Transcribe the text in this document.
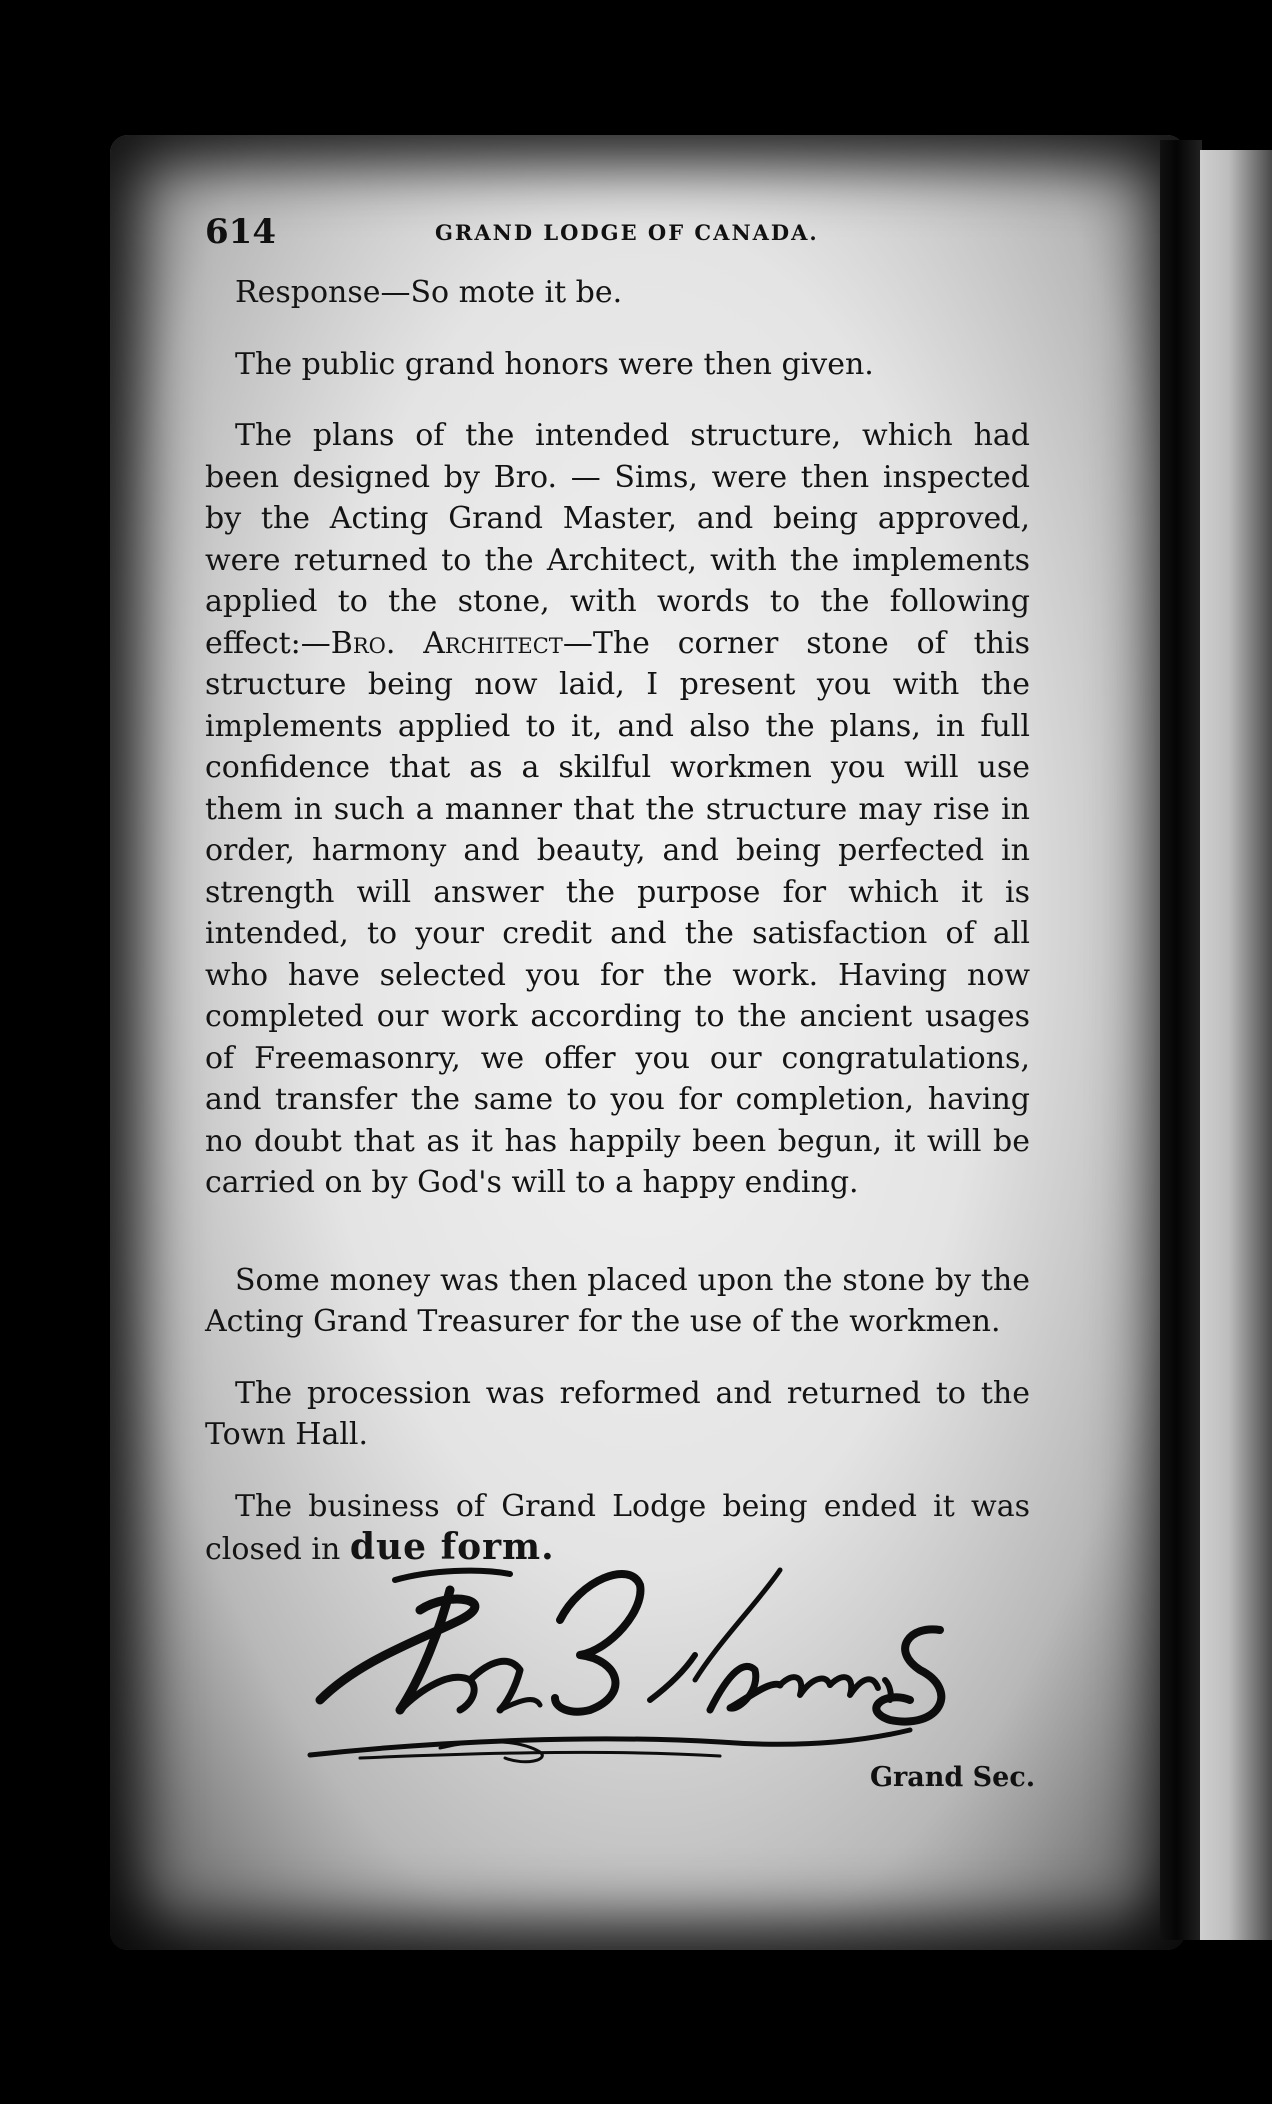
614	GRAND LODGE OF CANADA.

Response—So mote it be.

The public grand honors were then given.

The plans of the intended structure, which had been designed by Bro. — Sims, were then inspected by the Acting Grand Master, and being approved, were returned to the Architect, with the implements applied to the stone, with words to the following effect:—Bro. Architect—The corner stone of this structure being now laid, I present you with the implements applied to it, and also the plans, in full confidence that as a skilful workmen you will use them in such a manner that the structure may rise in order, harmony and beauty, and being perfected in strength will answer the purpose for which it is intended, to your credit and the satisfaction of all who have selected you for the work. Having now completed our work according to the ancient usages of Freemasonry, we offer you our congratulations, and transfer the same to you for completion, having no doubt that as it has happily been begun, it will be carried on by God's will to a happy ending.

Some money was then placed upon the stone by the Acting Grand Treasurer for the use of the workmen.

The procession was reformed and returned to the Town Hall.

The business of Grand Lodge being ended it was closed in due form.

Grand Sec.
